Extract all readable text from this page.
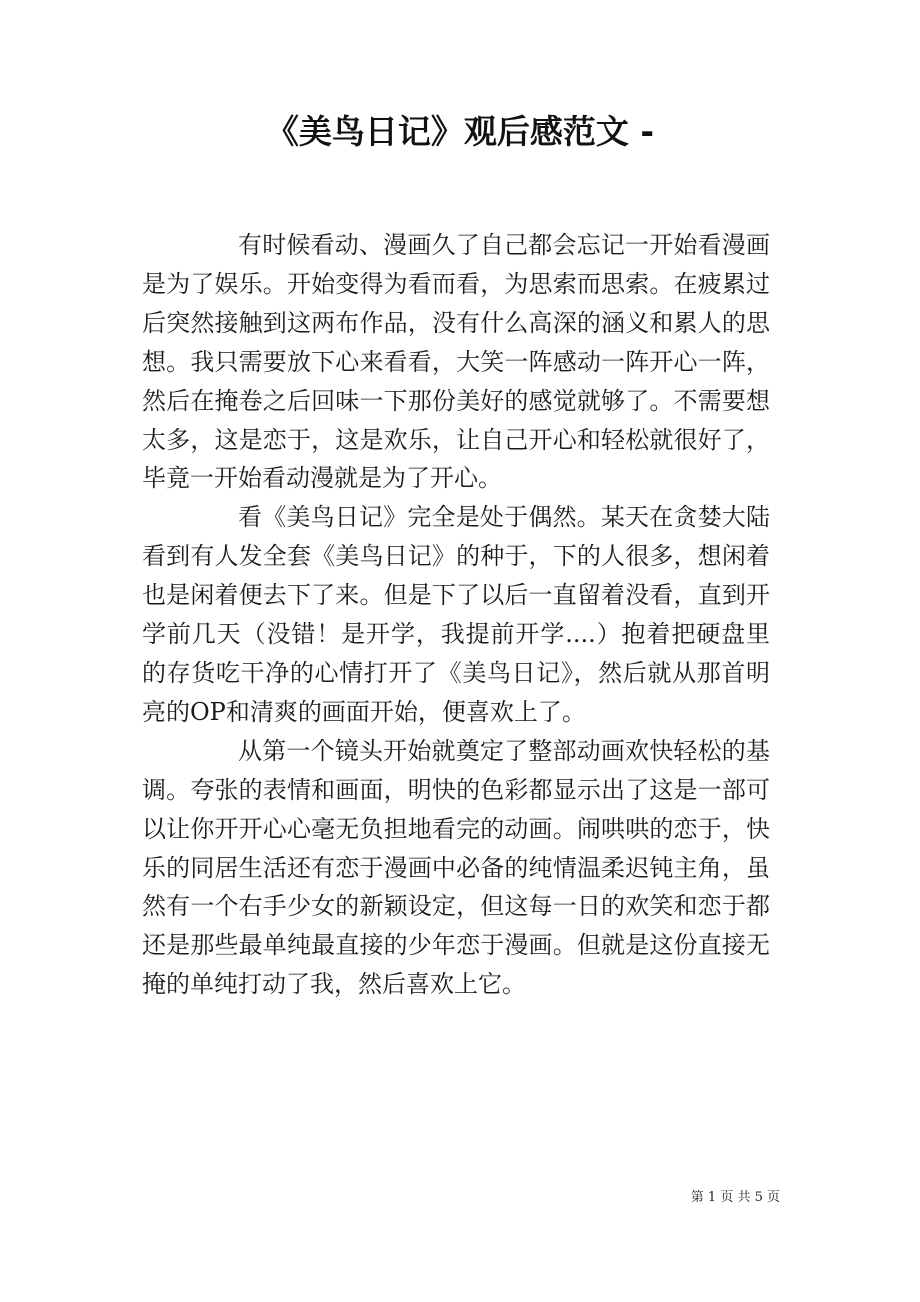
《美鸟日记》观后感范文 -

有时候看动、漫画久了自己都会忘记一开始看漫画是为了娱乐。开始变得为看而看，为思索而思索。在疲累过后突然接触到这两布作品，没有什么高深的涵义和累人的思想。我只需要放下心来看看，大笑一阵感动一阵开心一阵，然后在掩卷之后回味一下那份美好的感觉就够了。不需要想太多，这是恋于，这是欢乐，让自己开心和轻松就很好了，毕竟一开始看动漫就是为了开心。

看《美鸟日记》完全是处于偶然。某天在贪婪大陆看到有人发全套《美鸟日记》的种于，下的人很多，想闲着也是闲着便去下了来。但是下了以后一直留着没看，直到开学前几天（没错！是开学，我提前开学....）抱着把硬盘里的存货吃干净的心情打开了《美鸟日记》，然后就从那首明亮的OP和清爽的画面开始，便喜欢上了。

从第一个镜头开始就奠定了整部动画欢快轻松的基调。夸张的表情和画面，明快的色彩都显示出了这是一部可以让你开开心心毫无负担地看完的动画。闹哄哄的恋于，快乐的同居生活还有恋于漫画中必备的纯情温柔迟钝主角，虽然有一个右手少女的新颖设定，但这每一日的欢笑和恋于都还是那些最单纯最直接的少年恋于漫画。但就是这份直接无掩的单纯打动了我，然后喜欢上它。

第 1 页 共 5 页
